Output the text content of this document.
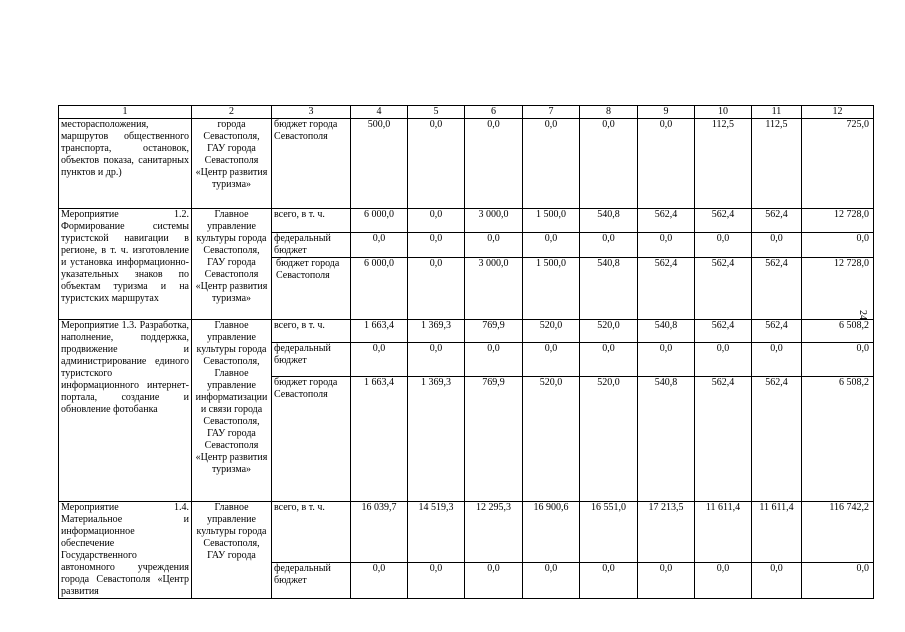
1	2	3	4	5	6	7	8	9	10	11	12
месторасположения, маршрутов общественного транспорта, остановок, объектов показа, санитарных пунктов и др.)	города Севастополя, ГАУ города Севастополя «Центр развития туризма»	бюджет города Севастополя	500,0	0,0	0,0	0,0	0,0	0,0	112,5	112,5	725,0
Мероприятие 1.2. Формирование системы туристской навигации в регионе, в т. ч. изготовление и установка информационно-указательных знаков по объектам туризма и на туристских маршрутах	Главное управление культуры города Севастополя, ГАУ города Севастополя «Центр развития туризма»	всего, в т. ч.	6 000,0	0,0	3 000,0	1 500,0	540,8	562,4	562,4	562,4	12 728,0
		федеральный бюджет	0,0	0,0	0,0	0,0	0,0	0,0	0,0	0,0	0,0
		бюджет города Севастополя	6 000,0	0,0	3 000,0	1 500,0	540,8	562,4	562,4	562,4	12 728,0
Мероприятие 1.3. Разработка, наполнение, поддержка, продвижение и администрирование единого туристского информационного интернет-портала, создание и обновление фотобанка	Главное управление культуры города Севастополя, Главное управление информатизации и связи города Севастополя, ГАУ города Севастополя «Центр развития туризма»	всего, в т. ч.	1 663,4	1 369,3	769,9	520,0	520,0	540,8	562,4	562,4	6 508,2
		федеральный бюджет	0,0	0,0	0,0	0,0	0,0	0,0	0,0	0,0	0,0
		бюджет города Севастополя	1 663,4	1 369,3	769,9	520,0	520,0	540,8	562,4	562,4	6 508,2
Мероприятие 1.4. Материальное и информационное обеспечение Государственного автономного учреждения города Севастополя «Центр развития	Главное управление культуры города Севастополя, ГАУ города	всего, в т. ч.	16 039,7	14 519,3	12 295,3	16 900,6	16 551,0	17 213,5	11 611,4	11 611,4	116 742,2
		федеральный бюджет	0,0	0,0	0,0	0,0	0,0	0,0	0,0	0,0	0,0
24
